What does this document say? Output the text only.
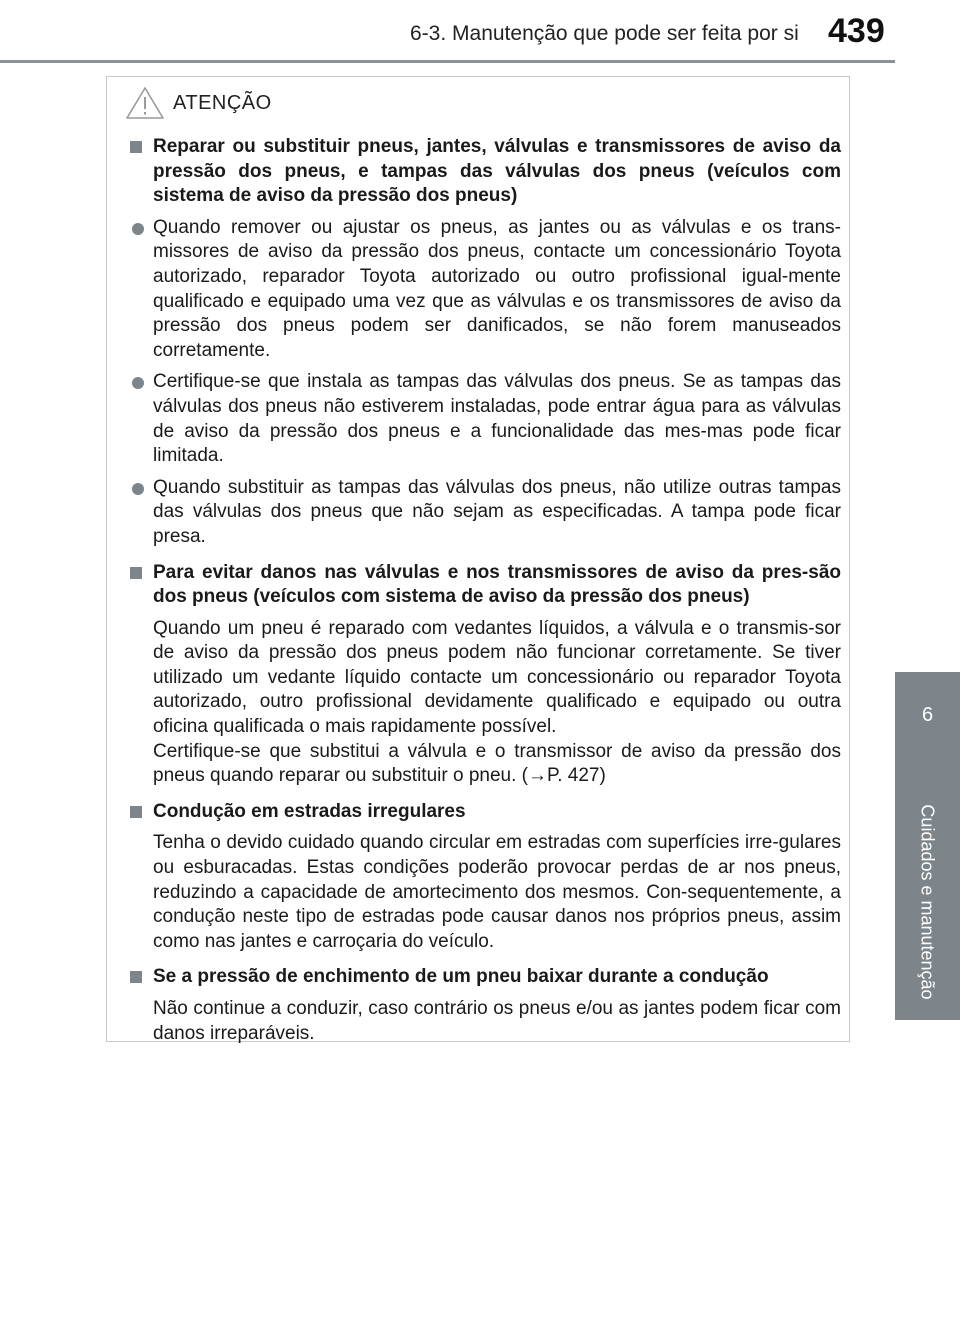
6-3. Manutenção que pode ser feita por si 439
6
Cuidados e manutenção
ATENÇÃO
Reparar ou substituir pneus, jantes, válvulas e transmissores de aviso da pressão dos pneus, e tampas das válvulas dos pneus (veículos com sistema de aviso da pressão dos pneus)
Quando remover ou ajustar os pneus, as jantes ou as válvulas e os trans-missores de aviso da pressão dos pneus, contacte um concessionário Toyota autorizado, reparador Toyota autorizado ou outro profissional igual-mente qualificado e equipado uma vez que as válvulas e os transmissores de aviso da pressão dos pneus podem ser danificados, se não forem manuseados corretamente.
Certifique-se que instala as tampas das válvulas dos pneus. Se as tampas das válvulas dos pneus não estiverem instaladas, pode entrar água para as válvulas de aviso da pressão dos pneus e a funcionalidade das mes-mas pode ficar limitada.
Quando substituir as tampas das válvulas dos pneus, não utilize outras tampas das válvulas dos pneus que não sejam as especificadas. A tampa pode ficar presa.
Para evitar danos nas válvulas e nos transmissores de aviso da pres-são dos pneus (veículos com sistema de aviso da pressão dos pneus)
Quando um pneu é reparado com vedantes líquidos, a válvula e o transmis-sor de aviso da pressão dos pneus podem não funcionar corretamente. Se tiver utilizado um vedante líquido contacte um concessionário ou reparador Toyota autorizado, outro profissional devidamente qualificado e equipado ou outra oficina qualificada o mais rapidamente possível.
Certifique-se que substitui a válvula e o transmissor de aviso da pressão dos pneus quando reparar ou substituir o pneu. (→P. 427)
Condução em estradas irregulares
Tenha o devido cuidado quando circular em estradas com superfícies irre-gulares ou esburacadas. Estas condições poderão provocar perdas de ar nos pneus, reduzindo a capacidade de amortecimento dos mesmos. Con-sequentemente, a condução neste tipo de estradas pode causar danos nos próprios pneus, assim como nas jantes e carroçaria do veículo.
Se a pressão de enchimento de um pneu baixar durante a condução
Não continue a conduzir, caso contrário os pneus e/ou as jantes podem ficar com danos irreparáveis.
